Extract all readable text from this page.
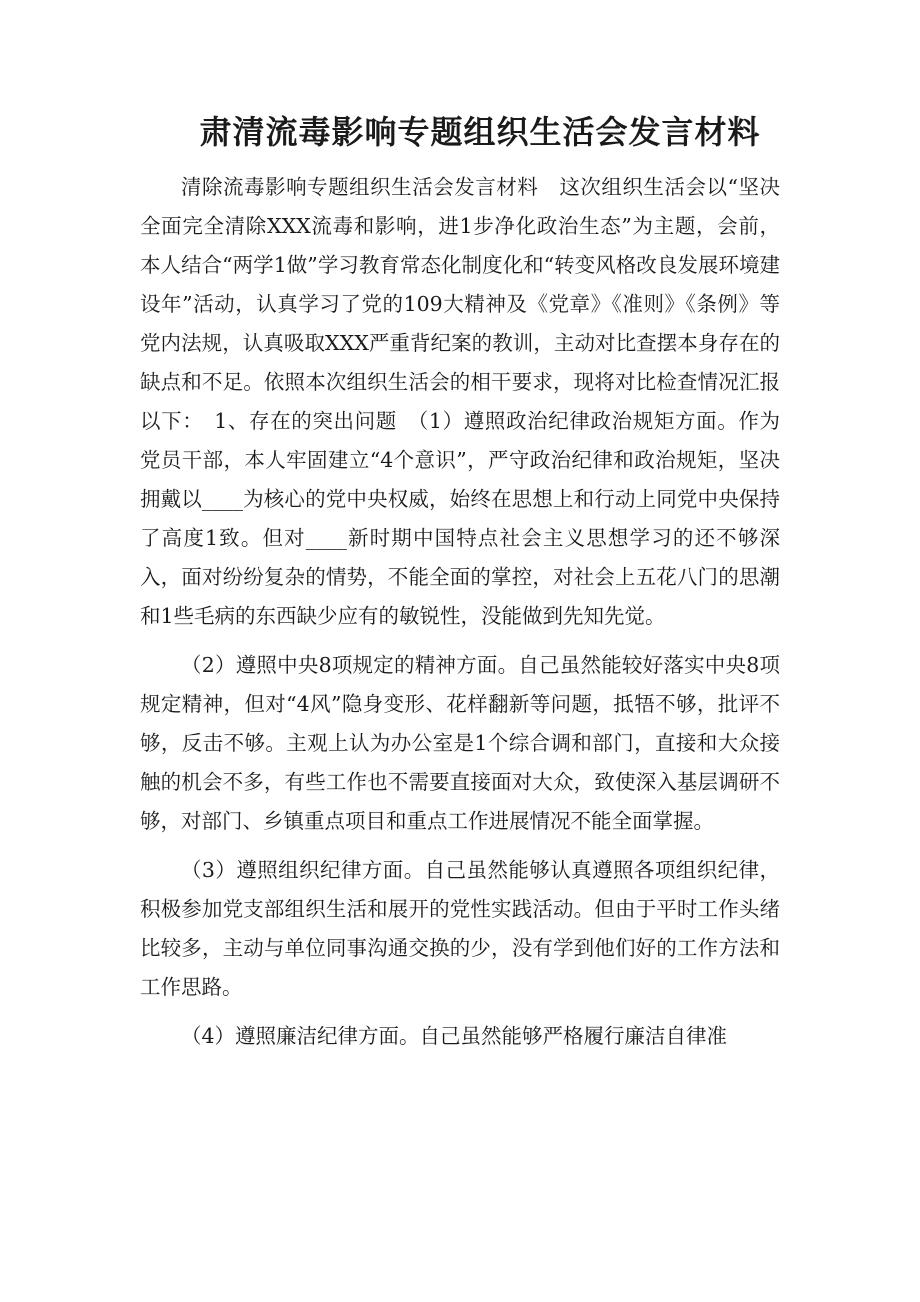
肃清流毒影响专题组织生活会发言材料

清除流毒影响专题组织生活会发言材料　这次组织生活会以“坚决全面完全清除XXX流毒和影响，进1步净化政治生态”为主题，会前，本人结合“两学1做”学习教育常态化制度化和“转变风格改良发展环境建设年”活动，认真学习了党的109大精神及《党章》《准则》《条例》等党内法规，认真吸取XXX严重背纪案的教训，主动对比查摆本身存在的缺点和不足。依照本次组织生活会的相干要求，现将对比检查情况汇报以下：　1、存在的突出问题　（1）遵照政治纪律政治规矩方面。作为党员干部，本人牢固建立“4个意识”，严守政治纪律和政治规矩，坚决拥戴以____为核心的党中央权威，始终在思想上和行动上同党中央保持了高度1致。但对____新时期中国特点社会主义思想学习的还不够深入，面对纷纷复杂的情势，不能全面的掌控，对社会上五花八门的思潮和1些毛病的东西缺少应有的敏锐性，没能做到先知先觉。

（2）遵照中央8项规定的精神方面。自己虽然能较好落实中央8项规定精神，但对“4风”隐身变形、花样翻新等问题，抵牾不够，批评不够，反击不够。主观上认为办公室是1个综合调和部门，直接和大众接触的机会不多，有些工作也不需要直接面对大众，致使深入基层调研不够，对部门、乡镇重点项目和重点工作进展情况不能全面掌握。

（3）遵照组织纪律方面。自己虽然能够认真遵照各项组织纪律，积极参加党支部组织生活和展开的党性实践活动。但由于平时工作头绪比较多，主动与单位同事沟通交换的少，没有学到他们好的工作方法和工作思路。

（4）遵照廉洁纪律方面。自己虽然能够严格履行廉洁自律准
